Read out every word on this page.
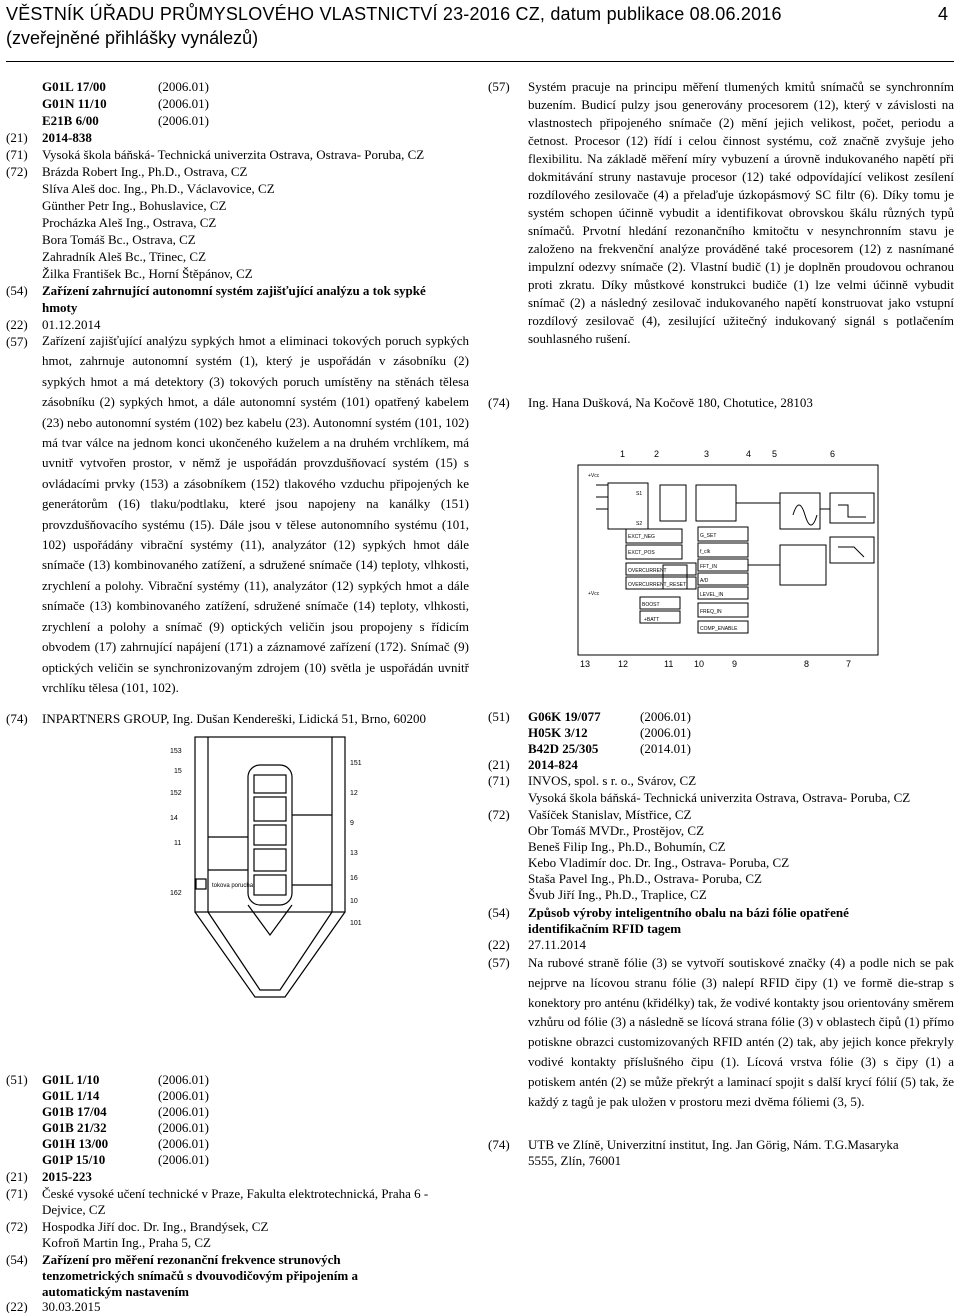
VĚSTNÍK ÚŘADU PRŮMYSLOVÉHO VLASTNICTVÍ 23-2016 CZ, datum publikace 08.06.2016
(zveřejněné přihlášky vynálezů)
4
G01L 17/00	(2006.01)
G01N 11/10	(2006.01)
E21B 6/00	(2006.01)
(21) 2014-838
(71) Vysoká škola báňská- Technická univerzita Ostrava, Ostrava- Poruba, CZ
(72) Brázda Robert Ing., Ph.D., Ostrava, CZ
Slíva Aleš doc. Ing., Ph.D., Václavovice, CZ
Günther Petr Ing., Bohuslavice, CZ
Procházka Aleš Ing., Ostrava, CZ
Bora Tomáš Bc., Ostrava, CZ
Zahradník Aleš Bc., Třinec, CZ
Žilka František Bc., Horní Štěpánov, CZ
(54) Zařízení zahrnující autonomní systém zajišťující analýzu a tok sypké
hmoty
(22) 01.12.2014
(57) Zařízení zajišťující analýzu sypkých hmot a eliminaci tokových poruch sypkých hmot, zahrnuje autonomní systém (1), který je uspořádán v zásobníku (2) sypkých hmot a má detektory (3) tokových poruch umístěny na stěnách tělesa zásobníku (2) sypkých hmot, a dále autonomní systém (101) opatřený kabelem (23) nebo autonomní systém (102) bez kabelu (23). Autonomní systém (101, 102) má tvar válce na jednom konci ukončeného kuželem a na druhém vrchlíkem, má uvnitř vytvořen prostor, v němž je uspořádán provzdušňovací systém (15) s ovládacími prvky (153) a zásobníkem (152) tlakového vzduchu připojených ke generátorům (16) tlaku/podtlaku, které jsou napojeny na kanálky (151) provzdušňovacího systému (15). Dále jsou v tělese autonomního systému (101, 102) uspořádány vibrační systémy (11), analyzátor (12) sypkých hmot dále snímače (13) kombinovaného zatížení, a sdružené snímače (14) teploty, vlhkosti, zrychlení a polohy. Vibrační systémy (11), analyzátor (12) sypkých hmot a dále snímače (13) kombinovaného zatížení, sdružené snímače (14) teploty, vlhkosti, zrychlení a polohy a snímač (9) optických veličin jsou propojeny s řídicím obvodem (17) zahrnující napájení (171) a záznamové zařízení (172). Snímač (9) optických veličin se synchronizovaným zdrojem (10) světla je uspořádán uvnitř vrchlíku tělesa (101, 102).
(74) INPARTNERS GROUP, Ing. Dušan Kendereški, Lidická 51, Brno, 60200
153
15
152
14
11
162
151
12
9
13
16
10
101
tokova porucha
(51) G01L 1/10	(2006.01)
G01L 1/14	(2006.01)
G01B 17/04	(2006.01)
G01B 21/32	(2006.01)
G01H 13/00	(2006.01)
G01P 15/10	(2006.01)
(21) 2015-223
(71) České vysoké učení technické v Praze, Fakulta elektrotechnická, Praha 6 -
Dejvice, CZ
(72) Hospodka Jiří doc. Dr. Ing., Brandýsek, CZ
Kofroň Martin Ing., Praha 5, CZ
(54) Zařízení pro měření rezonanční frekvence strunových
tenzometrických snímačů s dvouvodičovým připojením a
automatickým nastavením
(22) 30.03.2015
(57) Systém pracuje na principu měření tlumených kmitů snímačů se synchronním buzením. Budicí pulzy jsou generovány procesorem (12), který v závislosti na vlastnostech připojeného snímače (2) mění jejich velikost, počet, periodu a četnost. Procesor (12) řídí i celou činnost systému, což značně zvyšuje jeho flexibilitu. Na základě měření míry vybuzení a úrovně indukovaného napětí při dokmitávání struny nastavuje procesor (12) také odpovídající velikost zesílení rozdílového zesilovače (4) a přelaďuje úzkopásmový SC filtr (6). Díky tomu je systém schopen účinně vybudit a identifikovat obrovskou škálu různých typů snímačů. Prvotní hledání rezonančního kmitočtu v nesynchronním stavu je založeno na frekvenční analýze prováděné také procesorem (12) z nasnímané impulzní odezvy snímače (2). Vlastní budič (1) je doplněn proudovou ochranou proti zkratu. Díky můstkové konstrukci budiče (1) lze velmi účinně vybudit snímač (2) a následný zesilovač indukovaného napětí konstruovat jako vstupní rozdílový zesilovač (4), zesilující užitečný indukovaný signál s potlačením souhlasného rušení.
(74) Ing. Hana Dušková, Na Kočově 180, Chotutice, 28103
1	2	3	4 5	6
13	12	11 10	9	8	7
+Vcc
S1
S2
+Vcc
+BATT
EXCT_NEG
EXCT_POS
OVERCURRENT
OVERCURRENT_RESET
BOOST
G_SET
f_clk
FFT_IN
A/D
LEVEL_IN
FREQ_IN
COMP_ENABLE
(51) G06K 19/077	(2006.01)
H05K 3/12	(2006.01)
B42D 25/305	(2014.01)
(21) 2014-824
(71) INVOS, spol. s r. o., Svárov, CZ
Vysoká škola báňská- Technická univerzita Ostrava, Ostrava- Poruba, CZ
(72) Vašíček Stanislav, Místřice, CZ
Obr Tomáš MVDr., Prostějov, CZ
Beneš Filip Ing., Ph.D., Bohumín, CZ
Kebo Vladimír doc. Dr. Ing., Ostrava- Poruba, CZ
Staša Pavel Ing., Ph.D., Ostrava- Poruba, CZ
Švub Jiří Ing., Ph.D., Traplice, CZ
(54) Způsob výroby inteligentního obalu na bázi fólie opatřené
identifikačním RFID tagem
(22) 27.11.2014
(57) Na rubové straně fólie (3) se vytvoří soutiskové značky (4) a podle nich se pak nejprve na lícovou stranu fólie (3) nalepí RFID čipy (1) ve formě die-strap s konektory pro anténu (křidélky) tak, že vodivé kontakty jsou orientovány směrem vzhůru od fólie (3) a následně se lícová strana fólie (3) v oblastech čipů (1) přímo potiskne obrazci customizovaných RFID antén (2) tak, aby jejich konce překryly vodivé kontakty příslušného čipu (1). Lícová vrstva fólie (3) s čipy (1) a potiskem antén (2) se může překrýt a laminací spojit s další krycí fólií (5) tak, že každý z tagů je pak uložen v prostoru mezi dvěma fóliemi (3, 5).
(74) UTB ve Zlíně, Univerzitní institut, Ing. Jan Görig, Nám. T.G.Masaryka
5555, Zlín, 76001
